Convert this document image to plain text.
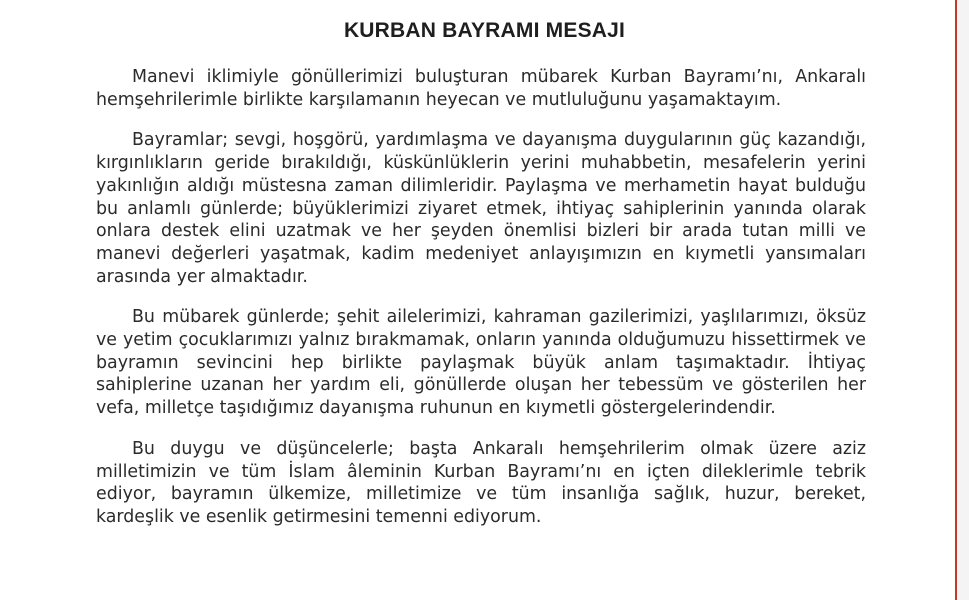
KURBAN BAYRAMI MESAJI

Manevi iklimiyle gönüllerimizi buluşturan mübarek Kurban Bayramı’nı, Ankaralı hemşehrilerimle birlikte karşılamanın heyecan ve mutluluğunu yaşamaktayım.

Bayramlar; sevgi, hoşgörü, yardımlaşma ve dayanışma duygularının güç kazandığı, kırgınlıkların geride bırakıldığı, küskünlüklerin yerini muhabbetin, mesafelerin yerini yakınlığın aldığı müstesna zaman dilimleridir. Paylaşma ve merhametin hayat bulduğu bu anlamlı günlerde; büyüklerimizi ziyaret etmek, ihtiyaç sahiplerinin yanında olarak onlara destek elini uzatmak ve her şeyden önemlisi bizleri bir arada tutan milli ve manevi değerleri yaşatmak, kadim medeniyet anlayışımızın en kıymetli yansımaları arasında yer almaktadır.

Bu mübarek günlerde; şehit ailelerimizi, kahraman gazilerimizi, yaşlılarımızı, öksüz ve yetim çocuklarımızı yalnız bırakmamak, onların yanında olduğumuzu hissettirmek ve bayramın sevincini hep birlikte paylaşmak büyük anlam taşımaktadır. İhtiyaç sahiplerine uzanan her yardım eli, gönüllerde oluşan her tebessüm ve gösterilen her vefa, milletçe taşıdığımız dayanışma ruhunun en kıymetli göstergelerindendir.

Bu duygu ve düşüncelerle; başta Ankaralı hemşehrilerim olmak üzere aziz milletimizin ve tüm İslam âleminin Kurban Bayramı’nı en içten dileklerimle tebrik ediyor, bayramın ülkemize, milletimize ve tüm insanlığa sağlık, huzur, bereket, kardeşlik ve esenlik getirmesini temenni ediyorum.
